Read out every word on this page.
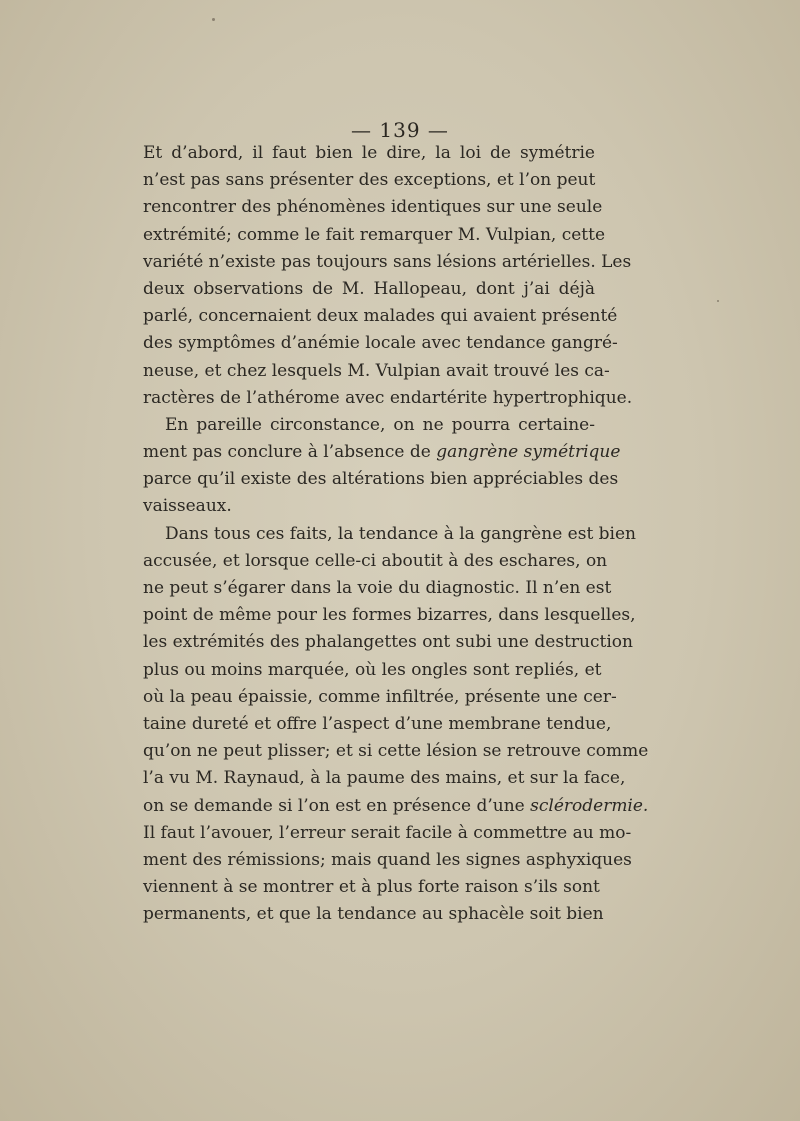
— 139 —
Et d’abord, il faut bien le dire, la loi de symétrie
n’est pas sans présenter des exceptions, et l’on peut
rencontrer des phénomènes identiques sur une seule
extrémité; comme le fait remarquer M. Vulpian, cette
variété n’existe pas toujours sans lésions artérielles. Les
deux observations de M. Hallopeau, dont j’ai déjà
parlé, concernaient deux malades qui avaient présenté
des symptômes d’anémie locale avec tendance gangré-
neuse, et chez lesquels M. Vulpian avait trouvé les ca-
ractères de l’athérome avec endartérite hypertrophique.
En pareille circonstance, on ne pourra certaine-
ment pas conclure à l’absence de gangrène symétrique
parce qu’il existe des altérations bien appréciables des
vaisseaux.
Dans tous ces faits, la tendance à la gangrène est bien
accusée, et lorsque celle-ci aboutit à des eschares, on
ne peut s’égarer dans la voie du diagnostic. Il n’en est
point de même pour les formes bizarres, dans lesquelles,
les extrémités des phalangettes ont subi une destruction
plus ou moins marquée, où les ongles sont repliés, et
où la peau épaissie, comme infiltrée, présente une cer-
taine dureté et offre l’aspect d’une membrane tendue,
qu’on ne peut plisser; et si cette lésion se retrouve comme
l’a vu M. Raynaud, à la paume des mains, et sur la face,
on se demande si l’on est en présence d’une sclérodermie.
Il faut l’avouer, l’erreur serait facile à commettre au mo-
ment des rémissions; mais quand les signes asphyxiques
viennent à se montrer et à plus forte raison s’ils sont
permanents, et que la tendance au sphacèle soit bien
